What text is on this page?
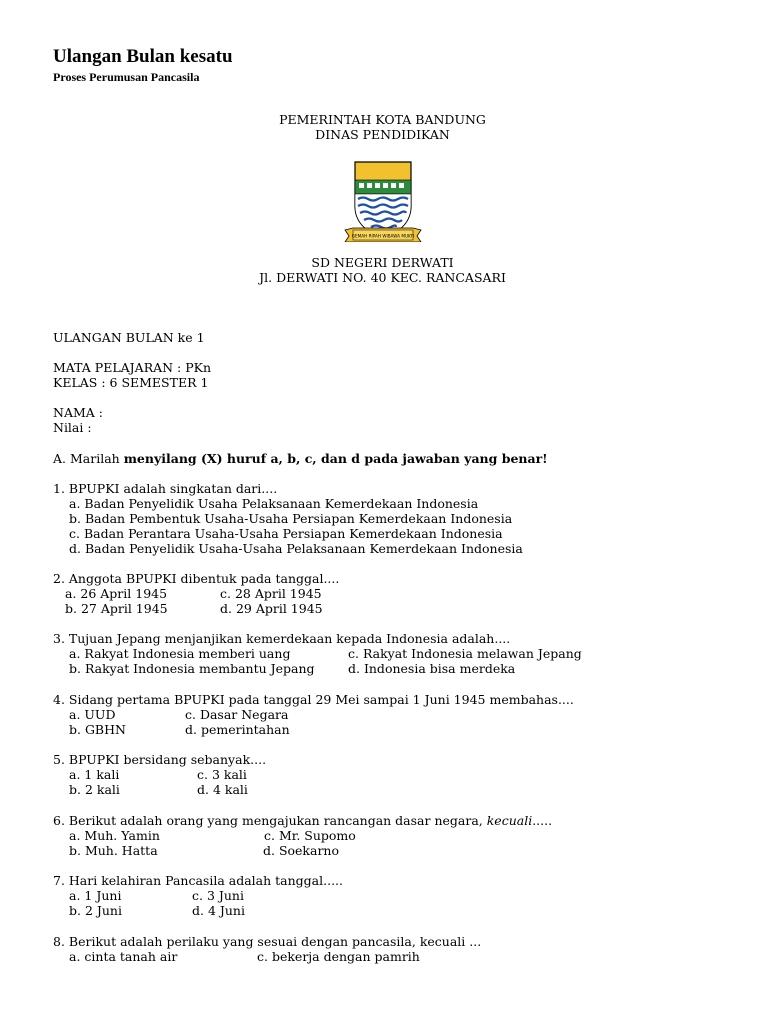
Ulangan Bulan kesatu
Proses Perumusan Pancasila
PEMERINTAH KOTA BANDUNG
DINAS PENDIDIKAN
GEMAH RIPAH WIBAWA MUKTI
SD NEGERI DERWATI
Jl. DERWATI NO. 40 KEC. RANCASARI
ULANGAN BULAN ke 1
MATA PELAJARAN : PKn
KELAS : 6 SEMESTER 1
NAMA :
Nilai :
A. Marilah menyilang (X) huruf a, b, c, dan d pada jawaban yang benar!
1. BPUPKI adalah singkatan dari....
a. Badan Penyelidik Usaha Pelaksanaan Kemerdekaan Indonesia
b. Badan Pembentuk Usaha-Usaha Persiapan Kemerdekaan Indonesia
c. Badan Perantara Usaha-Usaha Persiapan Kemerdekaan Indonesia
d. Badan Penyelidik Usaha-Usaha Pelaksanaan Kemerdekaan Indonesia
2. Anggota BPUPKI dibentuk pada tanggal....
a. 26 April 1945	c. 28 April 1945
b. 27 April 1945	d. 29 April 1945
3. Tujuan Jepang menjanjikan kemerdekaan kepada Indonesia adalah....
a. Rakyat Indonesia memberi uang	c. Rakyat Indonesia melawan Jepang
b. Rakyat Indonesia membantu Jepang	d. Indonesia bisa merdeka
4. Sidang pertama BPUPKI pada tanggal 29 Mei sampai 1 Juni 1945 membahas....
a. UUD	c. Dasar Negara
b. GBHN	d. pemerintahan
5. BPUPKI bersidang sebanyak....
a. 1 kali	c. 3 kali
b. 2 kali	d. 4 kali
6. Berikut adalah orang yang mengajukan rancangan dasar negara, kecuali.....
a. Muh. Yamin	c. Mr. Supomo
b. Muh. Hatta	d. Soekarno
7. Hari kelahiran Pancasila adalah tanggal.....
a. 1 Juni	c. 3 Juni
b. 2 Juni	d. 4 Juni
8. Berikut adalah perilaku yang sesuai dengan pancasila, kecuali ...
a. cinta tanah air	c. bekerja dengan pamrih
